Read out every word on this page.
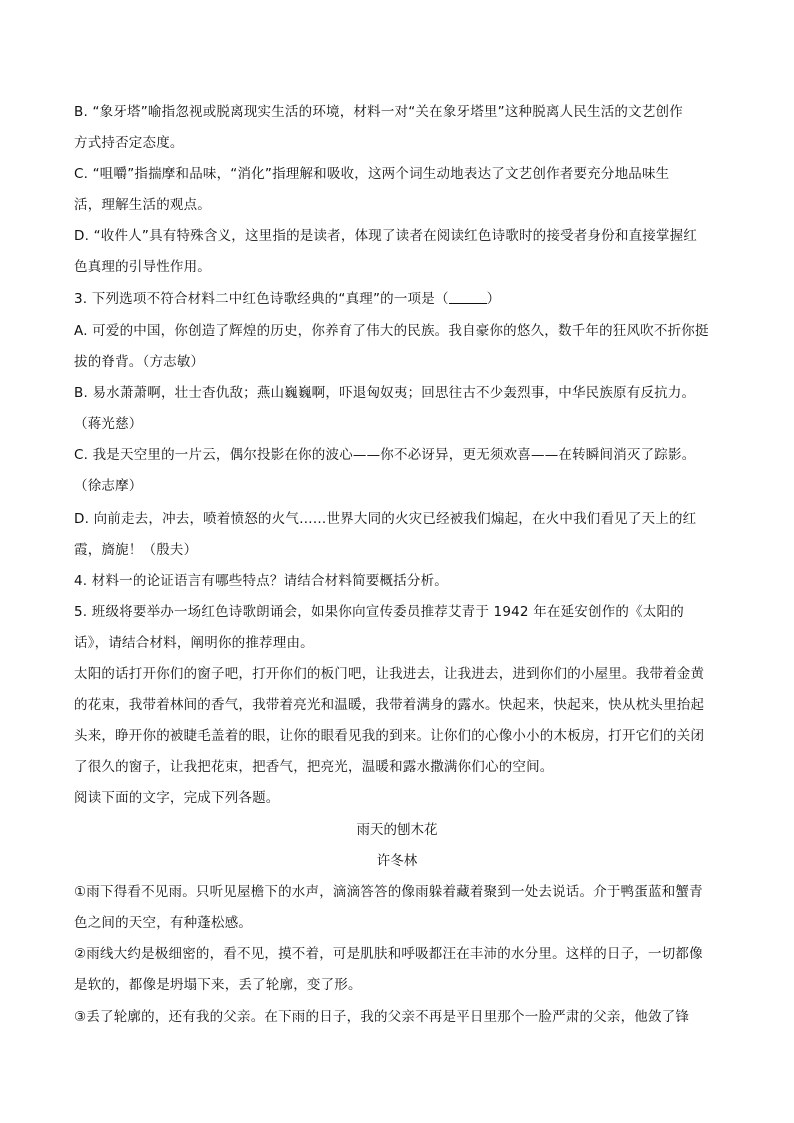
B. “象牙塔”喻指忽视或脱离现实生活的环境，材料一对“关在象牙塔里”这种脱离人民生活的文艺创作
方式持否定态度。
C. “咀嚼”指揣摩和品味，“消化”指理解和吸收，这两个词生动地表达了文艺创作者要充分地品味生
活，理解生活的观点。
D. “收件人”具有特殊含义，这里指的是读者，体现了读者在阅读红色诗歌时的接受者身份和直接掌握红
色真理的引导性作用。
3. 下列选项不符合材料二中红色诗歌经典的“真理”的一项是（	）
A. 可爱的中国，你创造了辉煌的历史，你养育了伟大的民族。我自豪你的悠久，数千年的狂风吹不折你挺
拔的脊背。（方志敏）
B. 易水萧萧啊，壮士杳仇敌；燕山巍巍啊，吓退匈奴夷；回思往古不少轰烈事，中华民族原有反抗力。
（蒋光慈）
C. 我是天空里的一片云，偶尔投影在你的波心——你不必讶异，更无须欢喜——在转瞬间消灭了踪影。
（徐志摩）
D. 向前走去，冲去，喷着愤怒的火气……世界大同的火灾已经被我们煽起，在火中我们看见了天上的红
霞，旖旎！（殷夫）
4. 材料一的论证语言有哪些特点？请结合材料简要概括分析。
5. 班级将要举办一场红色诗歌朗诵会，如果你向宣传委员推荐艾青于 1942 年在延安创作的《太阳的
话》，请结合材料，阐明你的推荐理由。
太阳的话打开你们的窗子吧，打开你们的板门吧，让我进去，让我进去，进到你们的小屋里。我带着金黄
的花束，我带着林间的香气，我带着亮光和温暖，我带着满身的露水。快起来，快起来，快从枕头里抬起
头来，睁开你的被睫毛盖着的眼，让你的眼看见我的到来。让你们的心像小小的木板房，打开它们的关闭
了很久的窗子，让我把花束，把香气，把亮光，温暖和露水撒满你们心的空间。
阅读下面的文字，完成下列各题。
雨天的刨木花
许冬林
①雨下得看不见雨。只听见屋檐下的水声，滴滴答答的像雨躲着藏着聚到一处去说话。介于鸭蛋蓝和蟹青
色之间的天空，有种蓬松感。
②雨线大约是极细密的，看不见，摸不着，可是肌肤和呼吸都汪在丰沛的水分里。这样的日子，一切都像
是软的，都像是坍塌下来，丢了轮廓，变了形。
③丢了轮廓的，还有我的父亲。在下雨的日子，我的父亲不再是平日里那个一脸严肃的父亲，他敛了锋
